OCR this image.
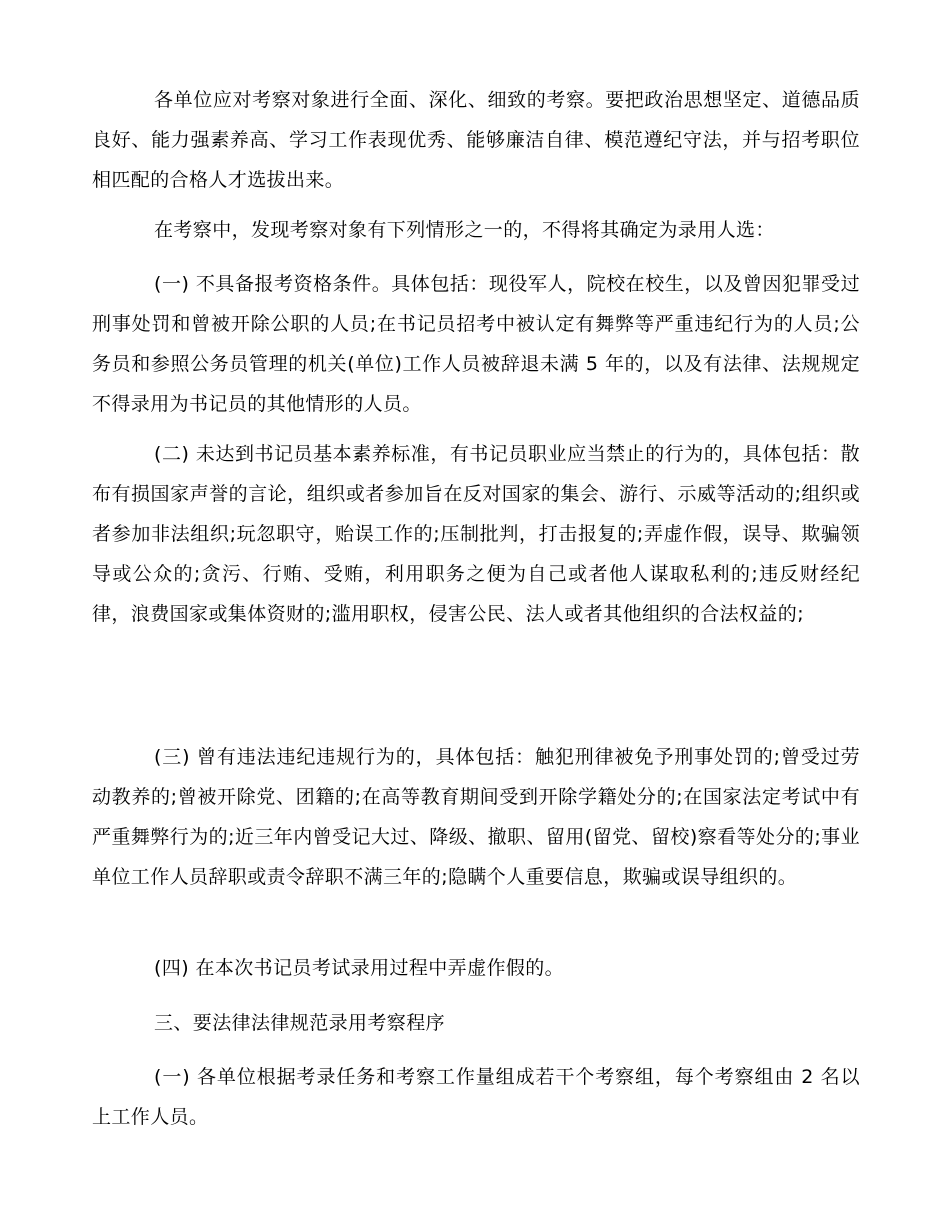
各单位应对考察对象进行全面、深化、细致的考察。要把政治思想坚定、道德品质良好、能力强素养高、学习工作表现优秀、能够廉洁自律、模范遵纪守法，并与招考职位相匹配的合格人才选拔出来。

在考察中，发现考察对象有下列情形之一的，不得将其确定为录用人选：

(一) 不具备报考资格条件。具体包括：现役军人，院校在校生，以及曾因犯罪受过刑事处罚和曾被开除公职的人员;在书记员招考中被认定有舞弊等严重违纪行为的人员;公务员和参照公务员管理的机关(单位)工作人员被辞退未满 5 年的，以及有法律、法规规定不得录用为书记员的其他情形的人员。

(二) 未达到书记员基本素养标准，有书记员职业应当禁止的行为的，具体包括：散布有损国家声誉的言论，组织或者参加旨在反对国家的集会、游行、示威等活动的;组织或者参加非法组织;玩忽职守，贻误工作的;压制批判，打击报复的;弄虚作假，误导、欺骗领导或公众的;贪污、行贿、受贿，利用职务之便为自己或者他人谋取私利的;违反财经纪律，浪费国家或集体资财的;滥用职权，侵害公民、法人或者其他组织的合法权益的;

(三) 曾有违法违纪违规行为的，具体包括：触犯刑律被免予刑事处罚的;曾受过劳动教养的;曾被开除党、团籍的;在高等教育期间受到开除学籍处分的;在国家法定考试中有严重舞弊行为的;近三年内曾受记大过、降级、撤职、留用(留党、留校)察看等处分的;事业单位工作人员辞职或责令辞职不满三年的;隐瞒个人重要信息，欺骗或误导组织的。

(四) 在本次书记员考试录用过程中弄虚作假的。

三、要法律法律规范录用考察程序

(一) 各单位根据考录任务和考察工作量组成若干个考察组，每个考察组由 2 名以上工作人员。
